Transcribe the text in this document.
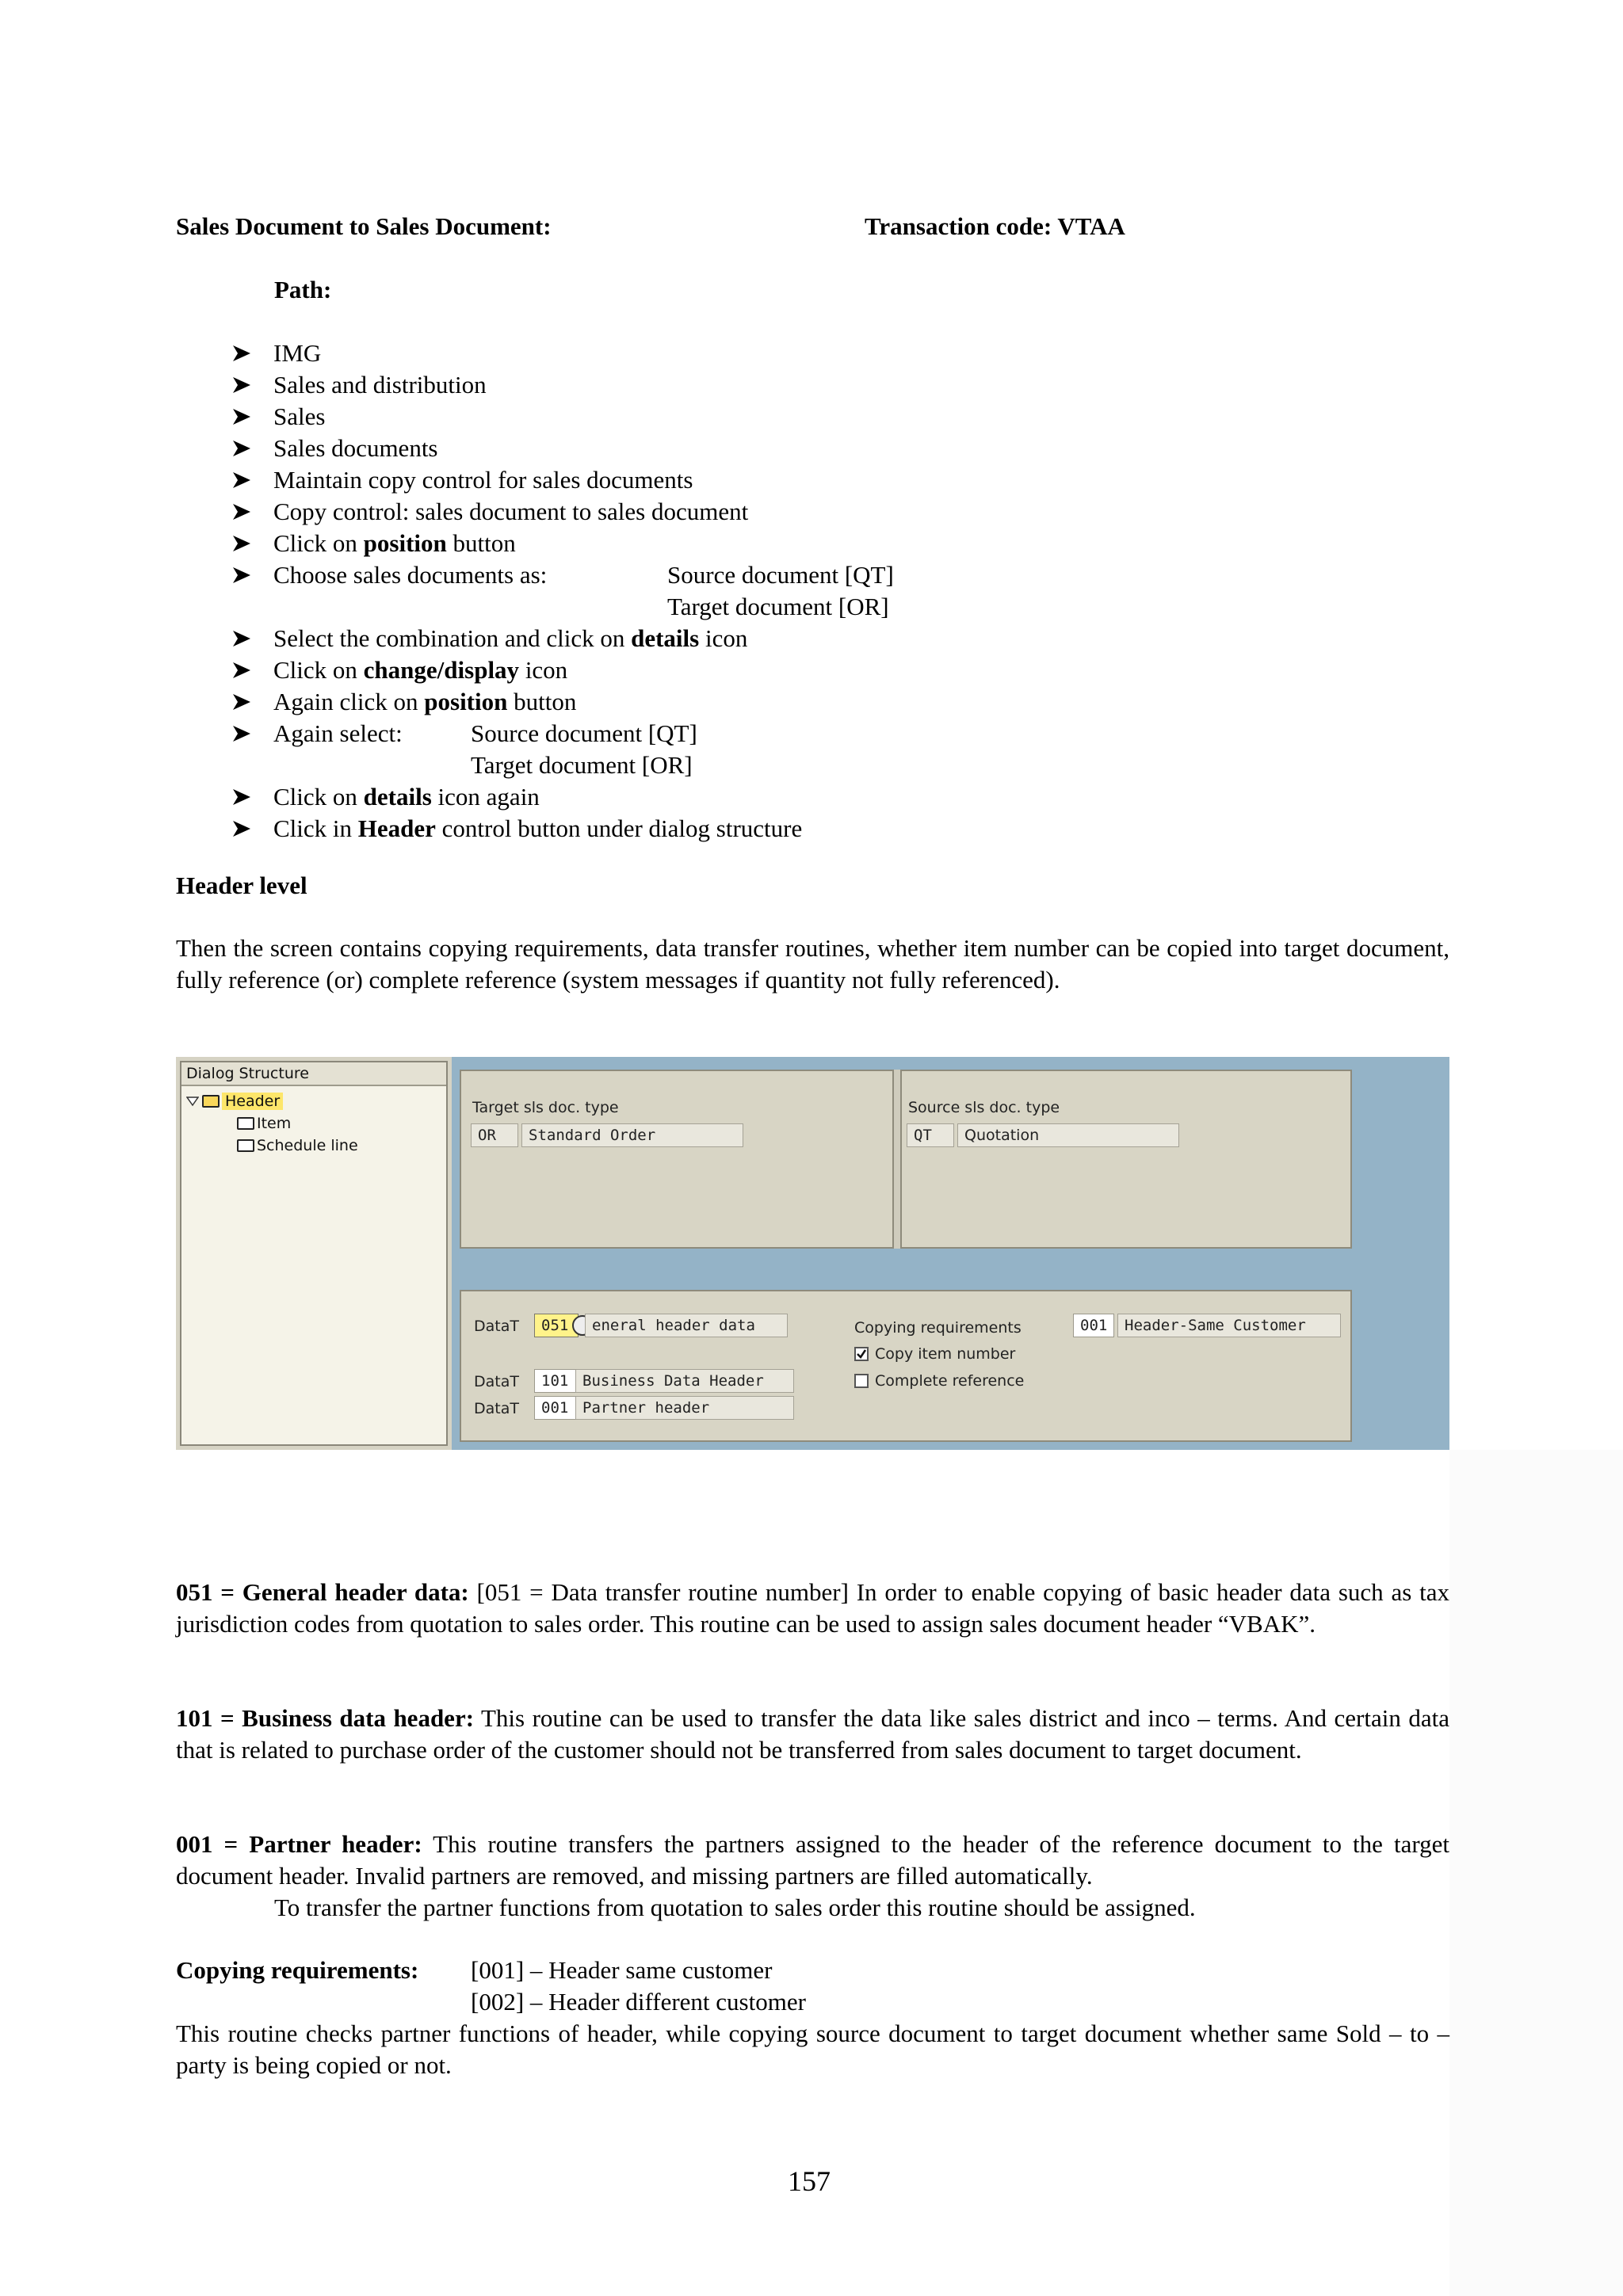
Sales Document to Sales Document:	Transaction code: VTAA
Path:
IMG
Sales and distribution
Sales
Sales documents
Maintain copy control for sales documents
Copy control: sales document to sales document
Click on position button
Choose sales documents as:	Source document [QT]
Target document [OR]
Select the combination and click on details icon
Click on change/display icon
Again click on position button
Again select:	Source document [QT]
Target document [OR]
Click on details icon again
Click in Header control button under dialog structure
Header level
Then the screen contains copying requirements, data transfer routines, whether item number can be copied into target document, fully reference (or) complete reference (system messages if quantity not fully referenced).
Dialog Structure
Header
Item
Schedule line
Target sls doc. type
OR	Standard Order
Source sls doc. type
QT	Quotation
DataT	051	eneral header data
DataT	101 Business Data Header
DataT	001 Partner header
Copying requirements	001	Header-Same Customer
Copy item number
Complete reference
051 = General header data: [051 = Data transfer routine number] In order to enable copying of basic header data such as tax jurisdiction codes from quotation to sales order. This routine can be used to assign sales document header “VBAK”.
101 = Business data header: This routine can be used to transfer the data like sales district and inco – terms. And certain data that is related to purchase order of the customer should not be transferred from sales document to target document.
001 = Partner header: This routine transfers the partners assigned to the header of the reference document to the target document header. Invalid partners are removed, and missing partners are filled automatically.
To transfer the partner functions from quotation to sales order this routine should be assigned.
Copying requirements: [001] – Header same customer
[002] – Header different customer
This routine checks partner functions of header, while copying source document to target document whether same Sold – to – party is being copied or not.
157
